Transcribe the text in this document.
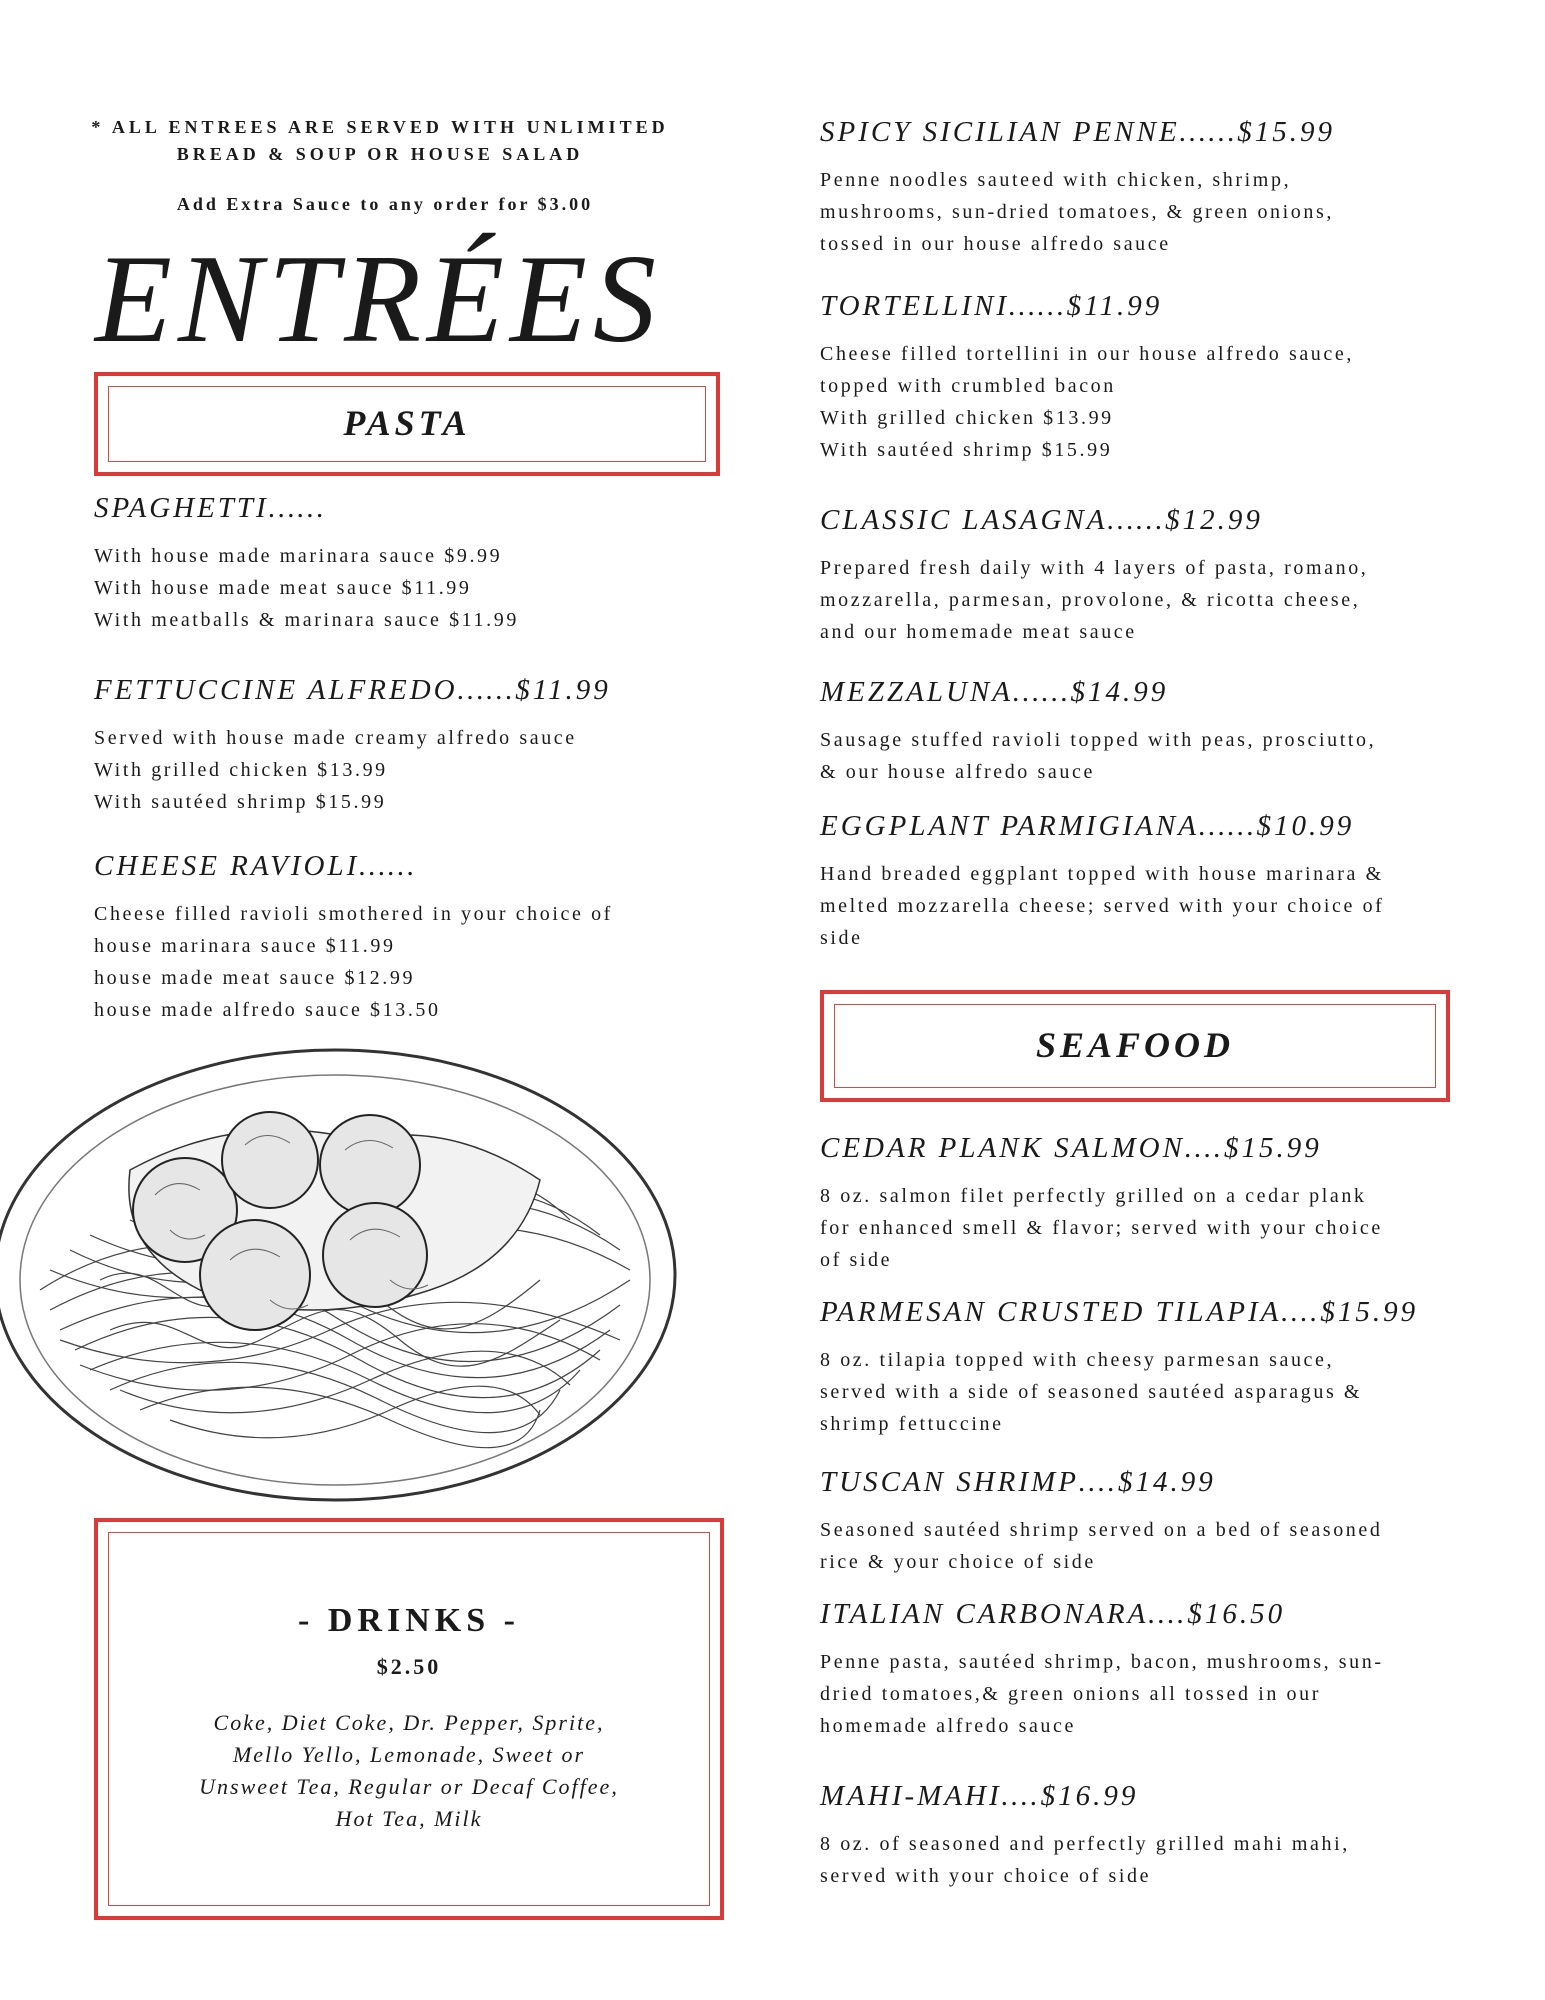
* ALL ENTREES ARE SERVED WITH UNLIMITED
BREAD & SOUP OR HOUSE SALAD
Add Extra Sauce to any order for $3.00
ENTRÉES
PASTA
SPAGHETTI……
With house made marinara sauce $9.99
With house made meat sauce $11.99
With meatballs & marinara sauce $11.99
FETTUCCINE ALFREDO……$11.99
Served with house made creamy alfredo sauce
With grilled chicken $13.99
With sautéed shrimp $15.99
CHEESE RAVIOLI……
Cheese filled ravioli smothered in your choice of
house marinara sauce $11.99
house made meat sauce $12.99
house made alfredo sauce $13.50
- DRINKS -
$2.50
Coke, Diet Coke, Dr. Pepper, Sprite,
Mello Yello, Lemonade, Sweet or
Unsweet Tea, Regular or Decaf Coffee,
Hot Tea, Milk
SPICY SICILIAN PENNE……$15.99
Penne noodles sauteed with chicken, shrimp,
mushrooms, sun-dried tomatoes, & green onions,
tossed in our house alfredo sauce
TORTELLINI……$11.99
Cheese filled tortellini in our house alfredo sauce,
topped with crumbled bacon
With grilled chicken $13.99
With sautéed shrimp $15.99
CLASSIC LASAGNA……$12.99
Prepared fresh daily with 4 layers of pasta, romano,
mozzarella, parmesan, provolone, & ricotta cheese,
and our homemade meat sauce
MEZZALUNA……$14.99
Sausage stuffed ravioli topped with peas, prosciutto,
& our house alfredo sauce
EGGPLANT PARMIGIANA……$10.99
Hand breaded eggplant topped with house marinara &
melted mozzarella cheese; served with your choice of
side
SEAFOOD
CEDAR PLANK SALMON….$15.99
8 oz. salmon filet perfectly grilled on a cedar plank
for enhanced smell & flavor; served with your choice
of side
PARMESAN CRUSTED TILAPIA….$15.99
8 oz. tilapia topped with cheesy parmesan sauce,
served with a side of seasoned sautéed asparagus &
shrimp fettuccine
TUSCAN SHRIMP….$14.99
Seasoned sautéed shrimp served on a bed of seasoned
rice & your choice of side
ITALIAN CARBONARA….$16.50
Penne pasta, sautéed shrimp, bacon, mushrooms, sun-
dried tomatoes,& green onions all tossed in our
homemade alfredo sauce
MAHI-MAHI….$16.99
8 oz. of seasoned and perfectly grilled mahi mahi,
served with your choice of side
